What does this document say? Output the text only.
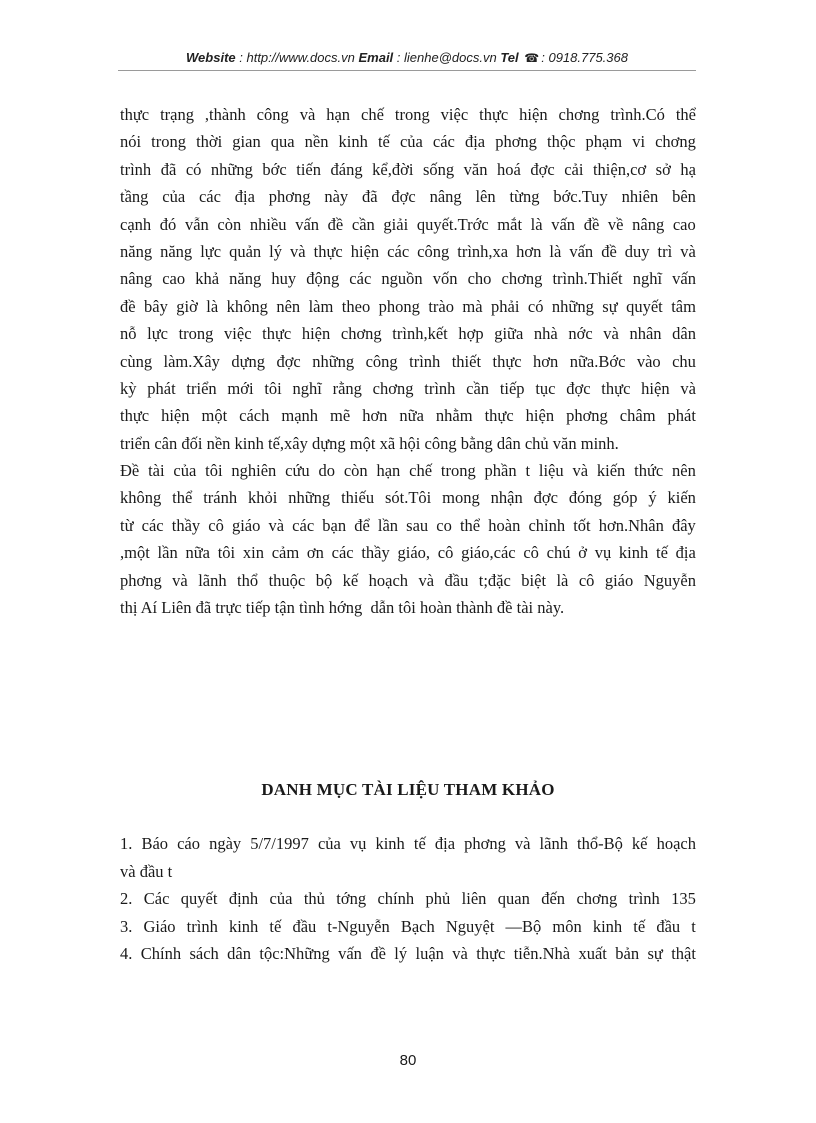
Website : http://www.docs.vn Email : lienhe@docs.vn Tel ☎ : 0918.775.368
thực trạng ,thành công và hạn chế trong việc thực hiện chơng trình.Có thể
nói trong thời gian qua nền kinh tế của các địa phơng thộc phạm vi chơng
trình đã có những bớc tiến đáng kể,đời sống văn hoá đợc cải thiện,cơ sở hạ
tầng của các địa phơng này đã đợc nâng lên từng bớc.Tuy nhiên bên
cạnh đó vẫn còn nhiều vấn đề cần giải quyết.Trớc mắt là vấn đề về nâng cao
năng năng lực quản lý và thực hiện các công trình,xa hơn là vấn đề duy trì và
nâng cao khả năng huy động các nguồn vốn cho chơng trình.Thiết nghĩ vấn
đề bây giờ là không nên làm theo phong trào mà phải có những sự quyết tâm
nỗ lực trong việc thực hiện chơng trình,kết hợp giữa nhà nớc và nhân dân
cùng làm.Xây dựng đợc những công trình thiết thực hơn nữa.Bớc vào chu
kỳ phát triển mới tôi nghĩ rằng chơng trình cần tiếp tục đợc thực hiện và
thực hiện một cách mạnh mẽ hơn nữa nhằm thực hiện phơng châm phát
triển cân đối nền kinh tế,xây dựng một xã hội công bằng dân chủ văn minh.
Đề tài của tôi nghiên cứu do còn hạn chế trong phần t liệu và kiến thức nên
không thể tránh khỏi những thiếu sót.Tôi mong nhận đợc đóng góp ý kiến
từ các thầy cô giáo và các bạn để lần sau co thể hoàn chỉnh tốt hơn.Nhân đây
,một lần nữa tôi xin cảm ơn các thầy giáo, cô giáo,các cô chú ở vụ kinh tế địa
phơng và lãnh thổ thuộc bộ kế hoạch và đầu t;đặc biệt là cô giáo Nguyễn
thị Aí Liên đã trực tiếp tận tình hớng  dẫn tôi hoàn thành đề tài này.
DANH MỤC TÀI LIỆU THAM KHẢO
1. Báo cáo ngày 5/7/1997 của vụ kinh tế địa phơng và lãnh thổ-Bộ kế hoạch
và đầu t
2. Các quyết định của thủ tớng chính phủ liên quan đến chơng trình 135
3. Giáo trình kinh tế đầu t-Nguyễn Bạch Nguyệt —Bộ môn kinh tế đầu t
4. Chính sách dân tộc:Những vấn đề lý luận và thực tiễn.Nhà xuất bản sự thật
80
